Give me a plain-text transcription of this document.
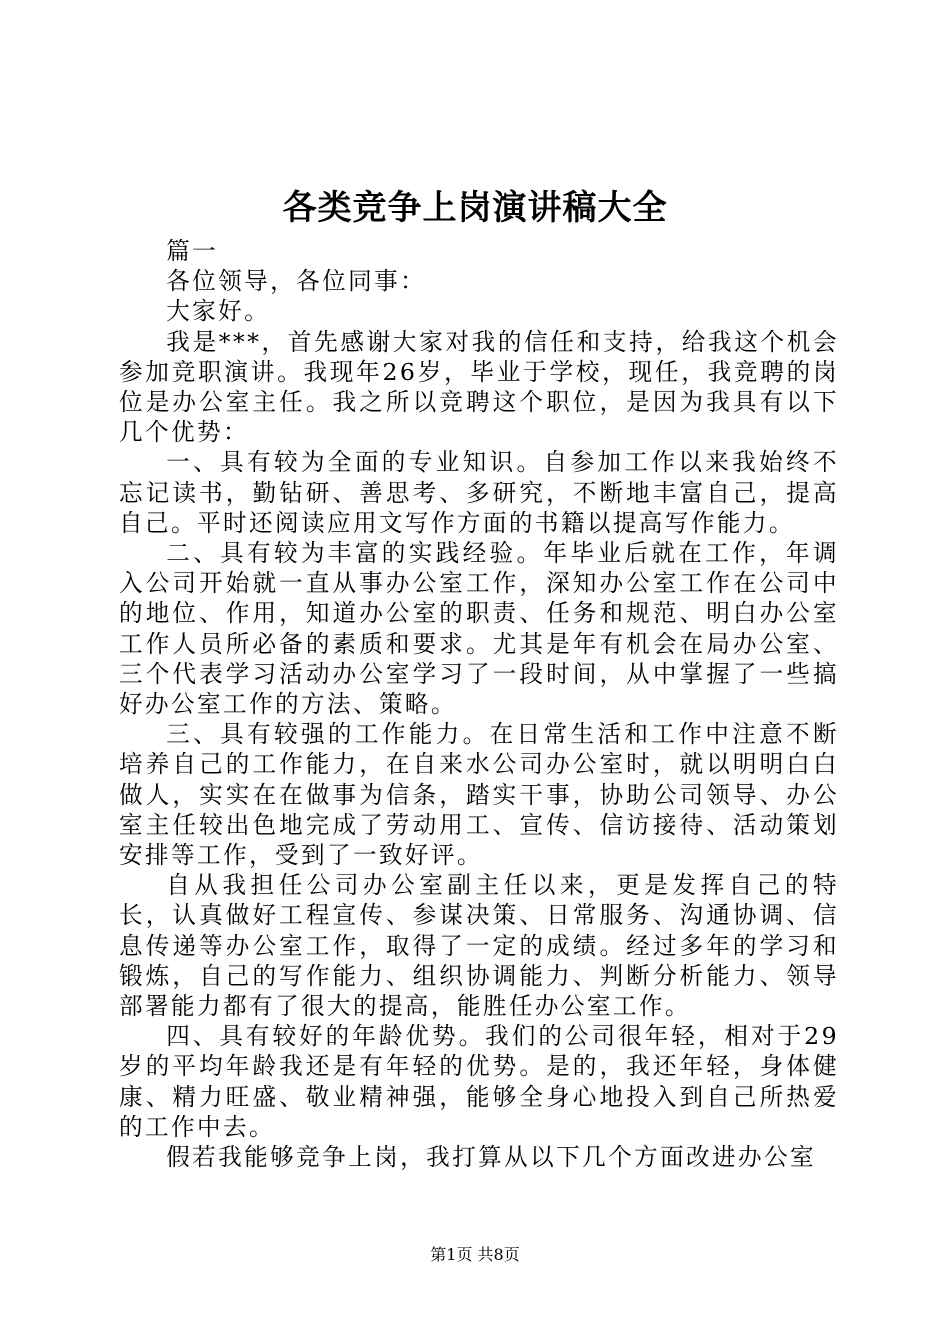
各类竞争上岗演讲稿大全

篇一

各位领导，各位同事：

大家好。

我是***，首先感谢大家对我的信任和支持，给我这个机会参加竞职演讲。我现年26岁，毕业于学校，现任，我竞聘的岗位是办公室主任。我之所以竞聘这个职位，是因为我具有以下几个优势：

一、具有较为全面的专业知识。自参加工作以来我始终不忘记读书，勤钻研、善思考、多研究，不断地丰富自己，提高自己。平时还阅读应用文写作方面的书籍以提高写作能力。

二、具有较为丰富的实践经验。年毕业后就在工作，年调入公司开始就一直从事办公室工作，深知办公室工作在公司中的地位、作用，知道办公室的职责、任务和规范、明白办公室工作人员所必备的素质和要求。尤其是年有机会在局办公室、三个代表学习活动办公室学习了一段时间，从中掌握了一些搞好办公室工作的方法、策略。

三、具有较强的工作能力。在日常生活和工作中注意不断培养自己的工作能力，在自来水公司办公室时，就以明明白白做人，实实在在做事为信条，踏实干事，协助公司领导、办公室主任较出色地完成了劳动用工、宣传、信访接待、活动策划安排等工作，受到了一致好评。

自从我担任公司办公室副主任以来，更是发挥自己的特长，认真做好工程宣传、参谋决策、日常服务、沟通协调、信息传递等办公室工作，取得了一定的成绩。经过多年的学习和锻炼，自己的写作能力、组织协调能力、判断分析能力、领导部署能力都有了很大的提高，能胜任办公室工作。

四、具有较好的年龄优势。我们的公司很年轻，相对于29岁的平均年龄我还是有年轻的优势。是的，我还年轻，身体健康、精力旺盛、敬业精神强，能够全身心地投入到自己所热爱的工作中去。

假若我能够竞争上岗，我打算从以下几个方面改进办公室

第1页 共8页
